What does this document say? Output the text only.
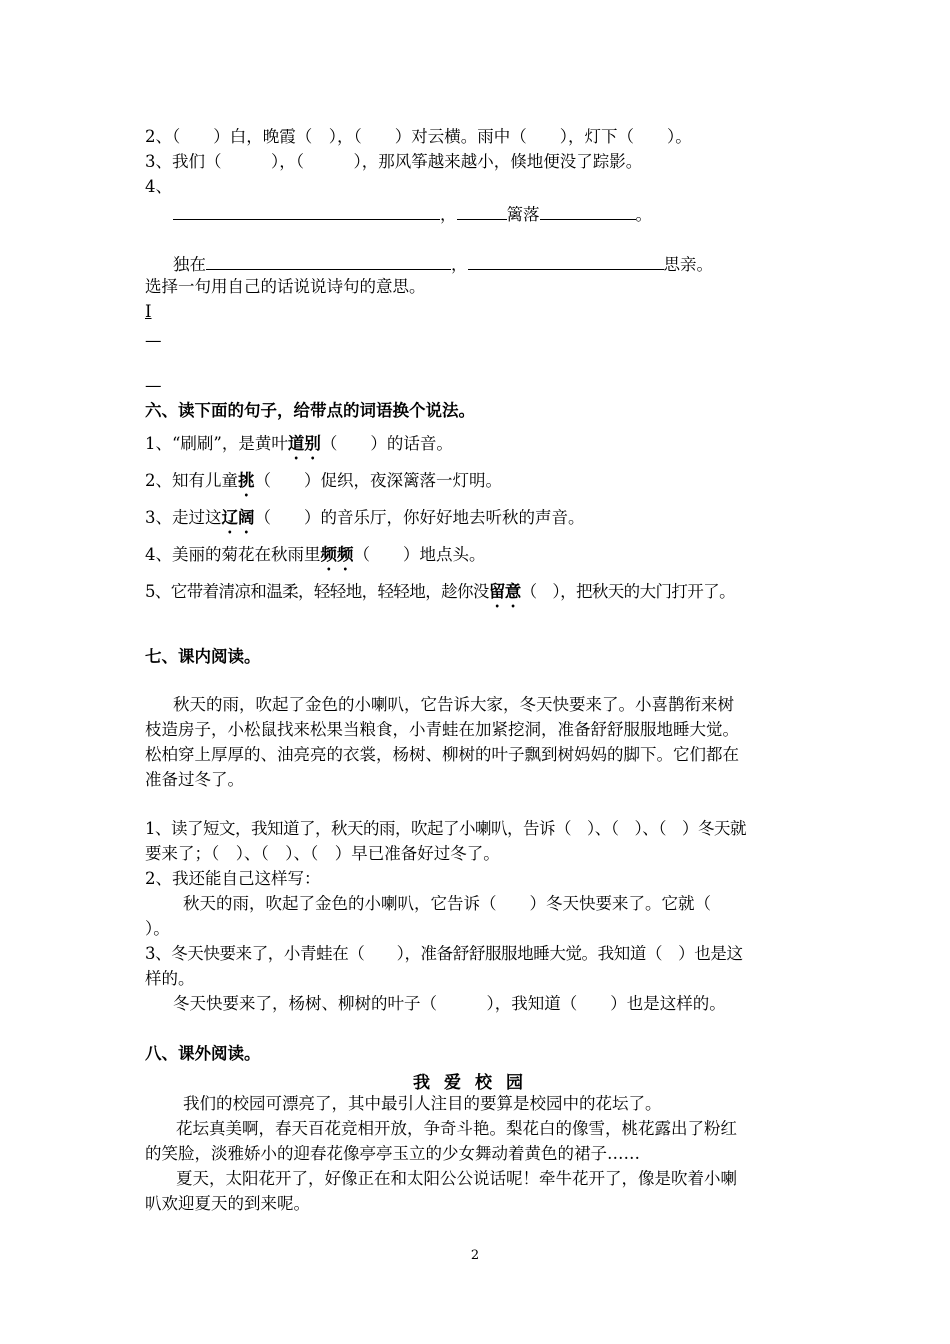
2、（　　）白，晚霞（　），（　　）对云横。雨中（　　），灯下（　　）。
3、我们（　　　），（　　　），那风筝越来越小，倏地便没了踪影。
4、
，	篱落	。
独在	，	思亲。
选择一句用自己的话说说诗句的意思。
I
—
—
六、读下面的句子，给带点的词语换个说法。
1、“刷刷”，是黄叶道别（　　）的话音。
2、知有儿童挑（　　）促织，夜深篱落一灯明。
3、走过这辽阔（　　）的音乐厅，你好好地去听秋的声音。
4、美丽的菊花在秋雨里频频（　　）地点头。
5、它带着清凉和温柔，轻轻地，轻轻地，趁你没留意（　），把秋天的大门打开了。
七、课内阅读。
秋天的雨，吹起了金色的小喇叭，它告诉大家，冬天快要来了。小喜鹊衔来树
枝造房子，小松鼠找来松果当粮食，小青蛙在加紧挖洞，准备舒舒服服地睡大觉。
松柏穿上厚厚的、油亮亮的衣裳，杨树、柳树的叶子飘到树妈妈的脚下。它们都在
准备过冬了。
1、读了短文，我知道了，秋天的雨，吹起了小喇叭，告诉（　）、（　）、（　）冬天就
要来了；（　）、（　）、（　）早已准备好过冬了。
2、我还能自己这样写：
秋天的雨，吹起了金色的小喇叭，它告诉（　　）冬天快要来了。它就（
）。
3、冬天快要来了，小青蛙在（　　），准备舒舒服服地睡大觉。我知道（　）也是这
样的。
冬天快要来了，杨树、柳树的叶子（　　　），我知道（　　）也是这样的。
八、课外阅读。
我爱校园
我们的校园可漂亮了，其中最引人注目的要算是校园中的花坛了。
花坛真美啊，春天百花竞相开放，争奇斗艳。梨花白的像雪，桃花露出了粉红
的笑脸，淡雅娇小的迎春花像亭亭玉立的少女舞动着黄色的裙子……
夏天，太阳花开了，好像正在和太阳公公说话呢！牵牛花开了，像是吹着小喇
叭欢迎夏天的到来呢。
2
